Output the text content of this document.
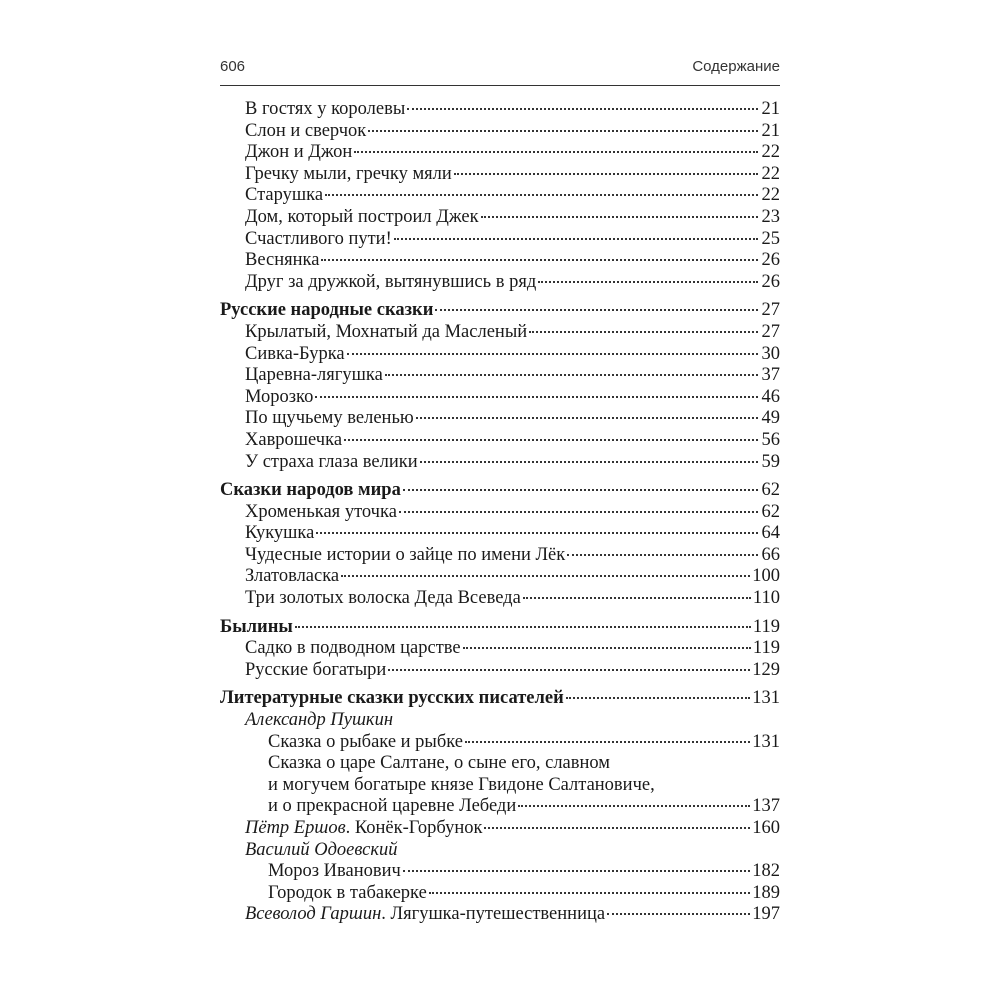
606	Содержание
В гостях у королевы	21
Слон и сверчок	21
Джон и Джон	22
Гречку мыли, гречку мяли	22
Старушка	22
Дом, который построил Джек	23
Счастливого пути!	25
Веснянка	26
Друг за дружкой, вытянувшись в ряд	26
Русские народные сказки	27
Крылатый, Мохнатый да Масленый	27
Сивка-Бурка	30
Царевна-лягушка	37
Морозко	46
По щучьему веленью	49
Хаврошечка	56
У страха глаза велики	59
Сказки народов мира	62
Хроменькая уточка	62
Кукушка	64
Чудесные истории о зайце по имени Лёк	66
Златовласка	100
Три золотых волоска Деда Всеведа	110
Былины	119
Садко в подводном царстве	119
Русские богатыри	129
Литературные сказки русских писателей	131
Александр Пушкин
Сказка о рыбаке и рыбке	131
Сказка о царе Салтане, о сыне его, славном
и могучем богатыре князе Гвидоне Салтановиче,
и о прекрасной царевне Лебеди	137
Пётр Ершов. Конёк-Горбунок	160
Василий Одоевский
Мороз Иванович	182
Городок в табакерке	189
Всеволод Гаршин. Лягушка-путешественница	197
